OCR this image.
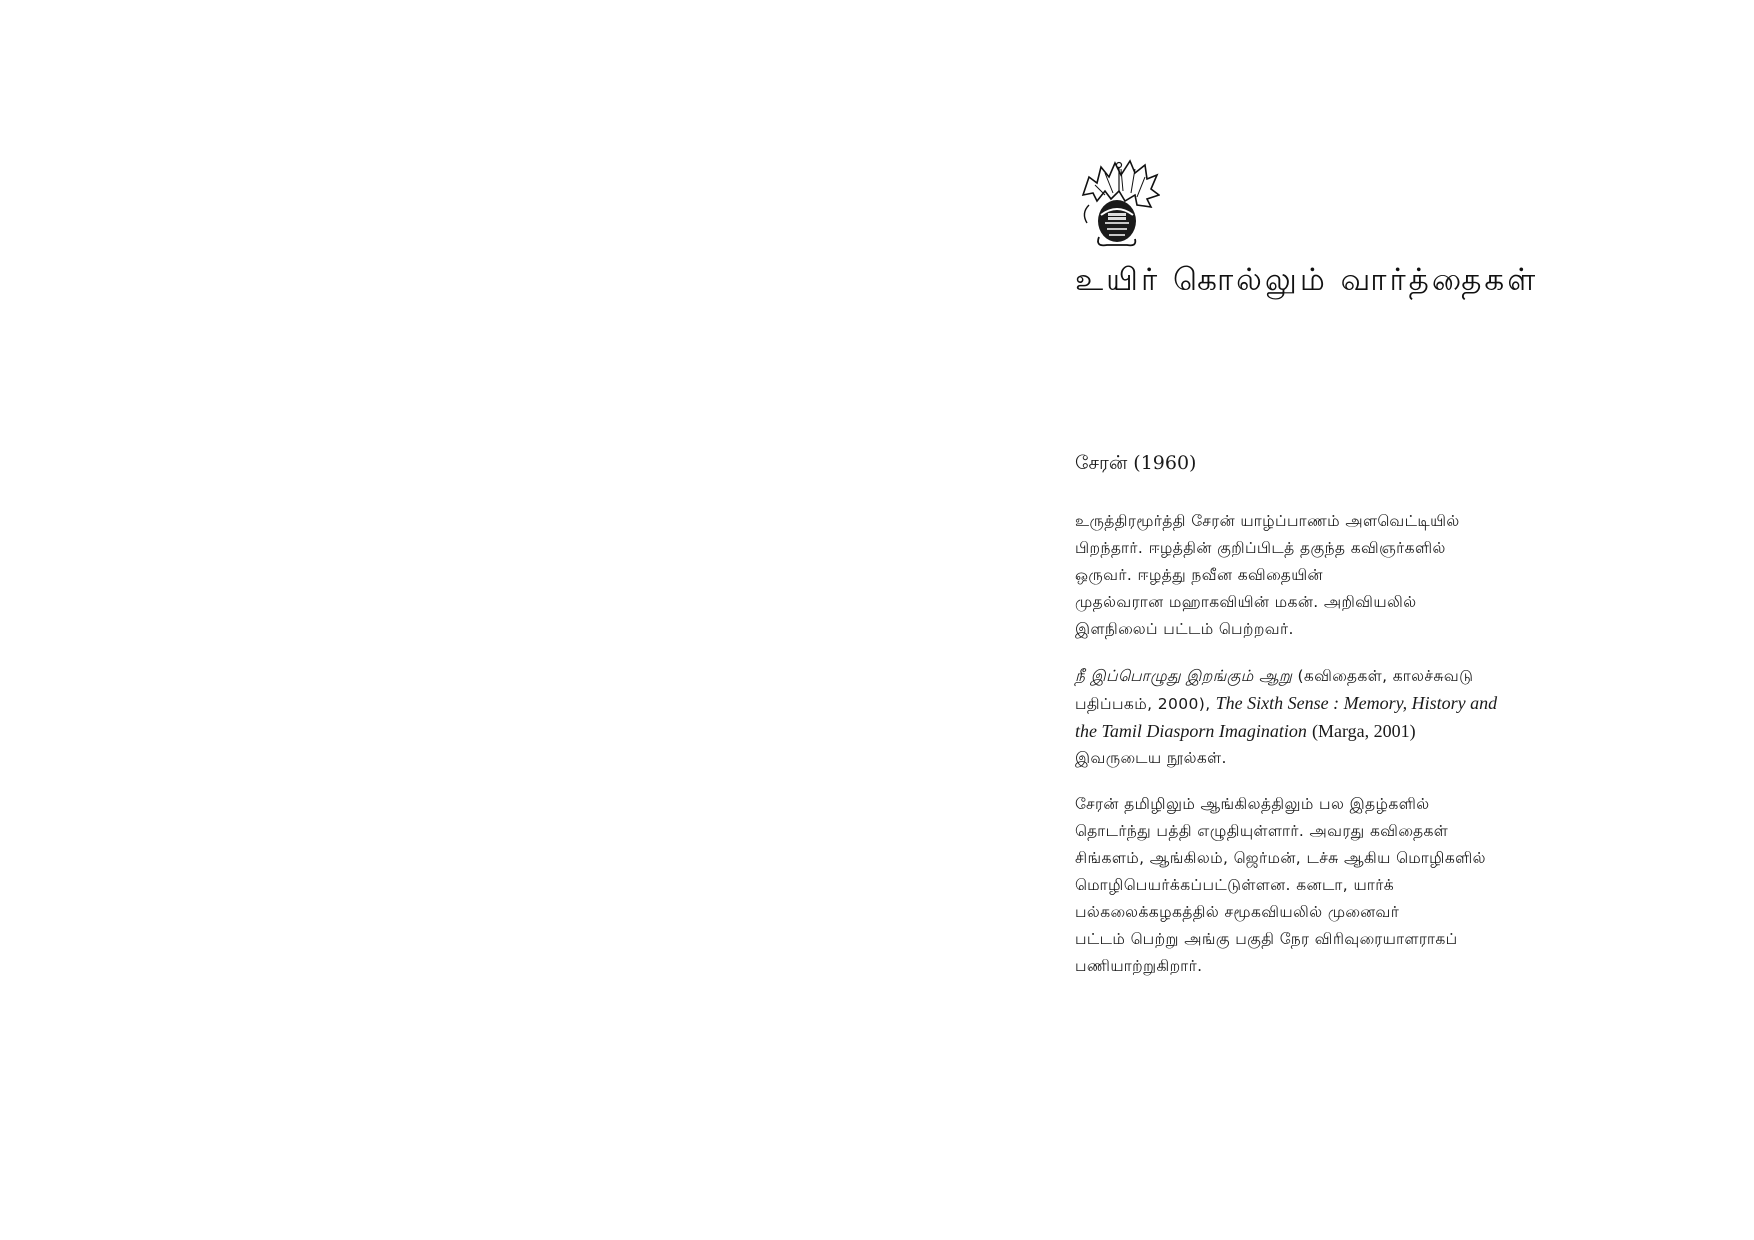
உயிர் கொல்லும் வார்த்தைகள்
சேரன் (1960)

உருத்திரமூர்த்தி சேரன் யாழ்ப்பாணம் அளவெட்டியில்
பிறந்தார். ஈழத்தின் குறிப்பிடத் தகுந்த கவிஞர்களில்
ஒருவர். ஈழத்து நவீன கவிதையின்
முதல்வரான மஹாகவியின் மகன். அறிவியலில்
இளநிலைப் பட்டம் பெற்றவர்.

நீ இப்பொழுது இறங்கும் ஆறு (கவிதைகள், காலச்சுவடு
பதிப்பகம், 2000), The Sixth Sense : Memory, History and
the Tamil Diasporn Imagination (Marga, 2001)
இவருடைய நூல்கள்.

சேரன் தமிழிலும் ஆங்கிலத்திலும் பல இதழ்களில்
தொடர்ந்து பத்தி எழுதியுள்ளார். அவரது கவிதைகள்
சிங்களம், ஆங்கிலம், ஜெர்மன், டச்சு ஆகிய மொழிகளில்
மொழிபெயர்க்கப்பட்டுள்ளன. கனடா, யார்க்
பல்கலைக்கழகத்தில் சமூகவியலில் முனைவர்
பட்டம் பெற்று அங்கு பகுதி நேர விரிவுரையாளராகப்
பணியாற்றுகிறார்.
